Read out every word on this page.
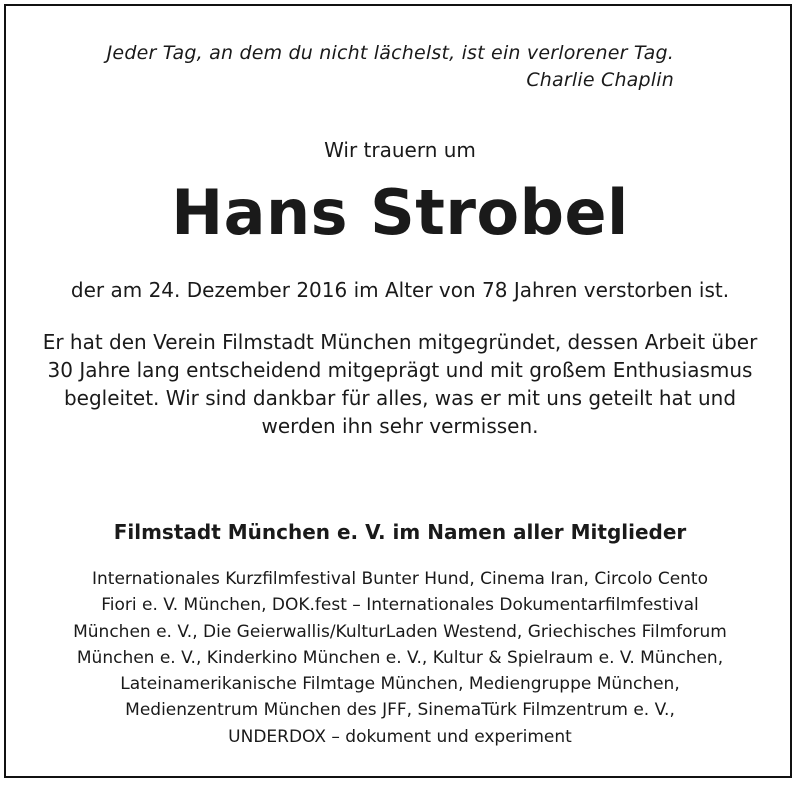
Jeder Tag, an dem du nicht lächelst, ist ein verlorener Tag.
Charlie Chaplin
Wir trauern um
Hans Strobel
der am 24. Dezember 2016 im Alter von 78 Jahren verstorben ist.
Er hat den Verein Filmstadt München mitgegründet, dessen Arbeit über
30 Jahre lang entscheidend mitgeprägt und mit großem Enthusiasmus
begleitet. Wir sind dankbar für alles, was er mit uns geteilt hat und
werden ihn sehr vermissen.
Filmstadt München e. V. im Namen aller Mitglieder
Internationales Kurzfilmfestival Bunter Hund, Cinema Iran, Circolo Cento
Fiori e. V. München, DOK.fest – Internationales Dokumentarfilmfestival
München e. V., Die Geierwallis/KulturLaden Westend, Griechisches Filmforum
München e. V., Kinderkino München e. V., Kultur & Spielraum e. V. München,
Lateinamerikanische Filmtage München, Mediengruppe München,
Medienzentrum München des JFF, SinemaTürk Filmzentrum e. V.,
UNDERDOX – dokument und experiment
